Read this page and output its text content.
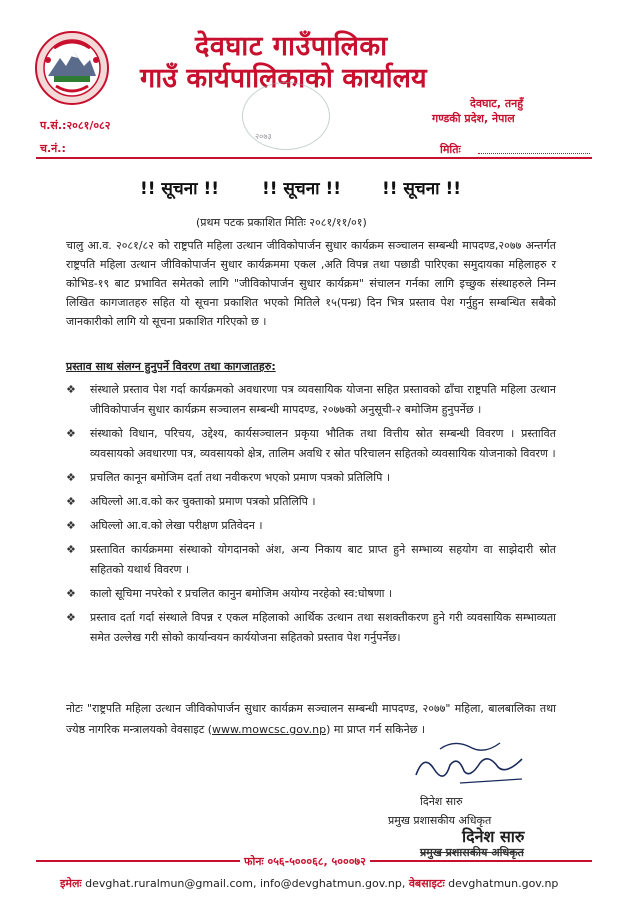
देवघाट गाउँपालिका
गाउँ कार्यपालिकाको कार्यालय
२०७३
देवघाट, तनहुँ
गण्डकी प्रदेश, नेपाल
प.सं.:२०८१/०८२
च.नं.:	मितिः
!! सूचना !!	!! सूचना !! !! सूचना !!
(प्रथम पटक प्रकाशित मितिः २०८१/११/०१)
चालु आ.व. २०८१/८२ को राष्ट्रपति महिला उत्थान जीविकोपार्जन सुधार कार्यक्रम सञ्चालन सम्बन्धी मापदण्ड,२०७७ अन्तर्गत राष्ट्रपति महिला उत्थान जीविकोपार्जन सुधार कार्यक्रममा एकल ,अति विपन्न तथा पछाडी पारिएका समुदायका महिलाहरु र कोभिड-१९ बाट प्रभावित समेतको लागि "जीविकोपार्जन सुधार कार्यक्रम" संचालन गर्नका लागि इच्छुक संस्थाहरुले निम्न लिखित कागजातहरु सहित यो सूचना प्रकाशित भएको मितिले १५(पन्ध्र) दिन भित्र प्रस्ताव पेश गर्नुहुन सम्बन्धित सबैको जानकारीको लागि यो सूचना प्रकाशित गरिएको छ ।
प्रस्ताव साथ संलग्न हुनुपर्ने विवरण तथा कागजातहरु:
❖ संस्थाले प्रस्ताव पेश गर्दा कार्यक्रमको अवधारणा पत्र व्यवसायिक योजना सहित प्रस्तावको ढाँचा राष्ट्रपति महिला उत्थान जीविकोपार्जन सुधार कार्यक्रम सञ्चालन सम्बन्धी मापदण्ड, २०७७को अनुसूची-२ बमोजिम हुनुपर्नेछ ।
❖ संस्थाको विधान, परिचय, उद्देश्य, कार्यसञ्चालन प्रकृया भौतिक तथा वित्तीय स्रोत सम्बन्धी विवरण । प्रस्तावित व्यवसायको अवधारणा पत्र, व्यवसायको क्षेत्र, तालिम अवधि र स्रोत परिचालन सहितको व्यवसायिक योजनाको विवरण ।
❖ प्रचलित कानून बमोजिम दर्ता तथा नवीकरण भएको प्रमाण पत्रको प्रतिलिपि ।
❖ अघिल्लो आ.व.को कर चुक्ताको प्रमाण पत्रको प्रतिलिपि ।
❖ अघिल्लो आ.व.को लेखा परीक्षण प्रतिवेदन ।
❖ प्रस्तावित कार्यक्रममा संस्थाको योगदानको अंश, अन्य निकाय बाट प्राप्त हुने सम्भाव्य सहयोग वा साझेदारी स्रोत सहितको यथार्थ विवरण ।
❖ कालो सूचिमा नपरेको र प्रचलित कानुन बमोजिम अयोग्य नरहेको स्व:घोषणा ।
❖ प्रस्ताव दर्ता गर्दा संस्थाले विपन्न र एकल महिलाको आर्थिक उत्थान तथा सशक्तीकरण हुने गरी व्यवसायिक सम्भाव्यता समेत उल्लेख गरी सोको कार्यान्वयन कार्ययोजना सहितको प्रस्ताव पेश गर्नुपर्नेछ।
नोटः "राष्ट्रपति महिला उत्थान जीविकोपार्जन सुधार कार्यक्रम सञ्चालन सम्बन्धी मापदण्ड, २०७७" महिला, बालबालिका तथा ज्येष्ठ नागरिक मन्त्रालयको वेवसाइट (www.mowcsc.gov.np) मा प्राप्त गर्न सकिनेछ ।
दिनेश सारु
प्रमुख प्रशासकीय अधिकृत
दिनेश सारु
प्रमुख प्रशासकीय अधिकृत
फोनः ०५६-५०००६८, ५०००७२
इमेलः devghat.ruralmun@gmail.com, info@devghatmun.gov.np, वेबसाइटः devghatmun.gov.np
